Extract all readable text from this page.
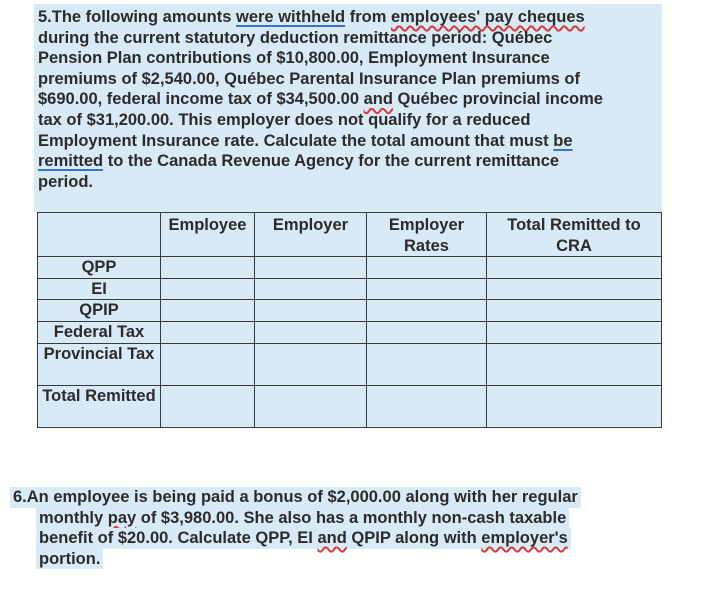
5.The following amounts were withheld from employees' pay cheques

during the current statutory deduction remittance period: Québec

Pension Plan contributions of $10,800.00, Employment Insurance

premiums of $2,540.00, Québec Parental Insurance Plan premiums of

$690.00, federal income tax of $34,500.00 and Québec provincial income

tax of $31,200.00. This employer does not qualify for a reduced

Employment Insurance rate. Calculate the total amount that must be

remitted to the Canada Revenue Agency for the current remittance

period.

	Employee	Employer	Employer Rates	Total Remitted to CRA
QPP				
EI				
QPIP				
Federal Tax				
Provincial Tax				
Total Remitted				
6.An employee is being paid a bonus of $2,000.00 along with her regular
monthly pay of $3,980.00. She also has a monthly non-cash taxable
benefit of $20.00. Calculate QPP, EI and QPIP along with employer's
portion.
